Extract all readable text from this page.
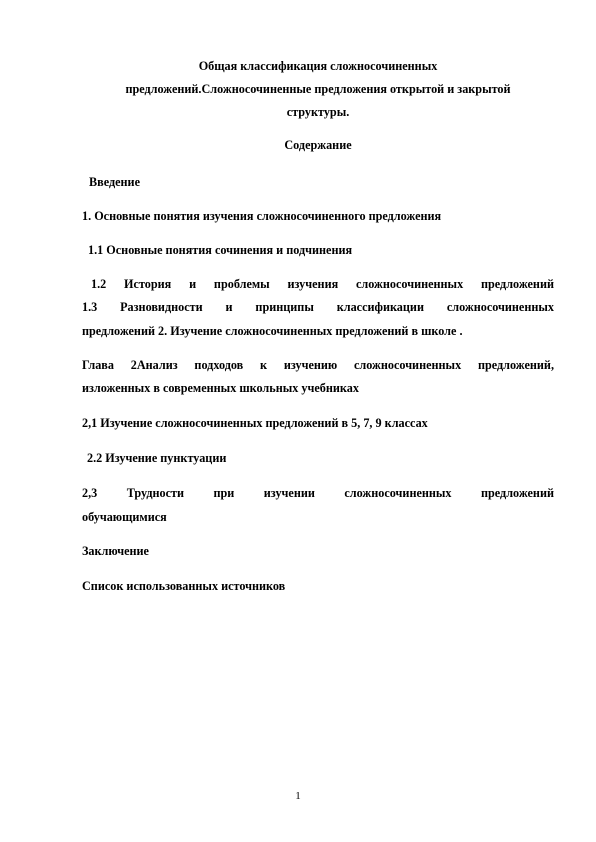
Общая классификация сложносочиненных
предложений.Сложносочиненные предложения открытой и закрытой
структуры.
Содержание
Введение
1. Основные понятия изучения сложносочиненного предложения
1.1 Основные понятия сочинения и подчинения
1.2 История и проблемы изучения сложносочиненных предложений
1.3 Разновидности и принципы классификации сложносочиненных
предложений 2. Изучение сложносочиненных предложений в школе .
Глава 2Анализ подходов к изучению сложносочиненных предложений,
изложенных в современных школьных учебниках
2,1 Изучение сложносочиненных предложений в 5, 7, 9 классах
2.2 Изучение пунктуации
2,3 Трудности при изучении сложносочиненных предложений
обучающимися
Заключение
Список использованных источников
1
